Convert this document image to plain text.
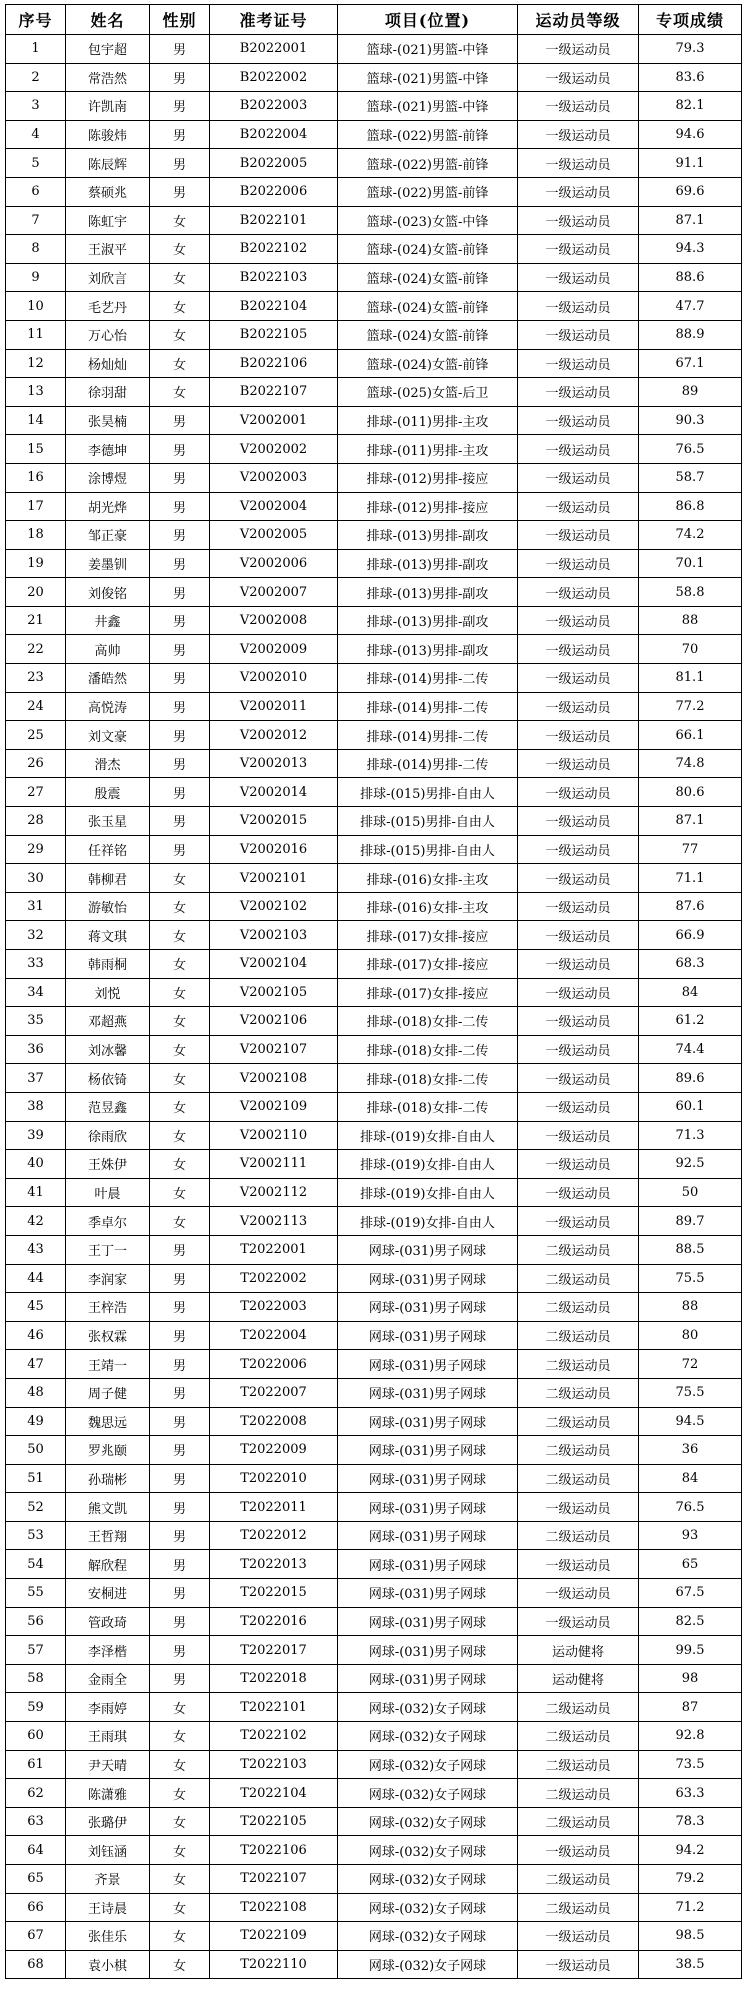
序号	姓名	性别	准考证号	项目(位置)	运动员等级	专项成绩
1	包宇超	男	B2022001	篮球-(021)男篮-中锋	一级运动员	79.3
2	常浩然	男	B2022002	篮球-(021)男篮-中锋	一级运动员	83.6
3	许凯南	男	B2022003	篮球-(021)男篮-中锋	一级运动员	82.1
4	陈骏炜	男	B2022004	篮球-(022)男篮-前锋	一级运动员	94.6
5	陈辰辉	男	B2022005	篮球-(022)男篮-前锋	一级运动员	91.1
6	蔡硕兆	男	B2022006	篮球-(022)男篮-前锋	一级运动员	69.6
7	陈虹宇	女	B2022101	篮球-(023)女篮-中锋	一级运动员	87.1
8	王淑平	女	B2022102	篮球-(024)女篮-前锋	一级运动员	94.3
9	刘欣言	女	B2022103	篮球-(024)女篮-前锋	一级运动员	88.6
10	毛艺丹	女	B2022104	篮球-(024)女篮-前锋	一级运动员	47.7
11	万心怡	女	B2022105	篮球-(024)女篮-前锋	一级运动员	88.9
12	杨灿灿	女	B2022106	篮球-(024)女篮-前锋	一级运动员	67.1
13	徐羽甜	女	B2022107	篮球-(025)女篮-后卫	一级运动员	89
14	张昊楠	男	V2002001	排球-(011)男排-主攻	一级运动员	90.3
15	李德坤	男	V2002002	排球-(011)男排-主攻	一级运动员	76.5
16	涂博煜	男	V2002003	排球-(012)男排-接应	一级运动员	58.7
17	胡光烨	男	V2002004	排球-(012)男排-接应	一级运动员	86.8
18	邹正豪	男	V2002005	排球-(013)男排-副攻	一级运动员	74.2
19	姜墨钏	男	V2002006	排球-(013)男排-副攻	一级运动员	70.1
20	刘俊铭	男	V2002007	排球-(013)男排-副攻	一级运动员	58.8
21	井鑫	男	V2002008	排球-(013)男排-副攻	一级运动员	88
22	高帅	男	V2002009	排球-(013)男排-副攻	一级运动员	70
23	潘皓然	男	V2002010	排球-(014)男排-二传	一级运动员	81.1
24	高悦涛	男	V2002011	排球-(014)男排-二传	一级运动员	77.2
25	刘文豪	男	V2002012	排球-(014)男排-二传	一级运动员	66.1
26	滑杰	男	V2002013	排球-(014)男排-二传	一级运动员	74.8
27	殷震	男	V2002014	排球-(015)男排-自由人	一级运动员	80.6
28	张玉星	男	V2002015	排球-(015)男排-自由人	一级运动员	87.1
29	任祥铭	男	V2002016	排球-(015)男排-自由人	一级运动员	77
30	韩柳君	女	V2002101	排球-(016)女排-主攻	一级运动员	71.1
31	游敏怡	女	V2002102	排球-(016)女排-主攻	一级运动员	87.6
32	蒋文琪	女	V2002103	排球-(017)女排-接应	一级运动员	66.9
33	韩雨桐	女	V2002104	排球-(017)女排-接应	一级运动员	68.3
34	刘悦	女	V2002105	排球-(017)女排-接应	一级运动员	84
35	邓超燕	女	V2002106	排球-(018)女排-二传	一级运动员	61.2
36	刘冰馨	女	V2002107	排球-(018)女排-二传	一级运动员	74.4
37	杨依锜	女	V2002108	排球-(018)女排-二传	一级运动员	89.6
38	范昱鑫	女	V2002109	排球-(018)女排-二传	一级运动员	60.1
39	徐雨欣	女	V2002110	排球-(019)女排-自由人	一级运动员	71.3
40	王姝伊	女	V2002111	排球-(019)女排-自由人	一级运动员	92.5
41	叶晨	女	V2002112	排球-(019)女排-自由人	一级运动员	50
42	季卓尔	女	V2002113	排球-(019)女排-自由人	一级运动员	89.7
43	王丁一	男	T2022001	网球-(031)男子网球	二级运动员	88.5
44	李润家	男	T2022002	网球-(031)男子网球	二级运动员	75.5
45	王梓浩	男	T2022003	网球-(031)男子网球	二级运动员	88
46	张权霖	男	T2022004	网球-(031)男子网球	二级运动员	80
47	王靖一	男	T2022006	网球-(031)男子网球	二级运动员	72
48	周子健	男	T2022007	网球-(031)男子网球	二级运动员	75.5
49	魏思远	男	T2022008	网球-(031)男子网球	二级运动员	94.5
50	罗兆颐	男	T2022009	网球-(031)男子网球	二级运动员	36
51	孙瑞彬	男	T2022010	网球-(031)男子网球	二级运动员	84
52	熊文凯	男	T2022011	网球-(031)男子网球	一级运动员	76.5
53	王哲翔	男	T2022012	网球-(031)男子网球	二级运动员	93
54	解欣程	男	T2022013	网球-(031)男子网球	一级运动员	65
55	安桐进	男	T2022015	网球-(031)男子网球	一级运动员	67.5
56	管政琦	男	T2022016	网球-(031)男子网球	一级运动员	82.5
57	李泽楷	男	T2022017	网球-(031)男子网球	运动健将	99.5
58	金雨全	男	T2022018	网球-(031)男子网球	运动健将	98
59	李雨婷	女	T2022101	网球-(032)女子网球	二级运动员	87
60	王雨琪	女	T2022102	网球-(032)女子网球	二级运动员	92.8
61	尹天晴	女	T2022103	网球-(032)女子网球	二级运动员	73.5
62	陈潇雅	女	T2022104	网球-(032)女子网球	二级运动员	63.3
63	张璐伊	女	T2022105	网球-(032)女子网球	二级运动员	78.3
64	刘钰涵	女	T2022106	网球-(032)女子网球	一级运动员	94.2
65	齐景	女	T2022107	网球-(032)女子网球	二级运动员	79.2
66	王诗晨	女	T2022108	网球-(032)女子网球	二级运动员	71.2
67	张佳乐	女	T2022109	网球-(032)女子网球	一级运动员	98.5
68	袁小棋	女	T2022110	网球-(032)女子网球	一级运动员	38.5
